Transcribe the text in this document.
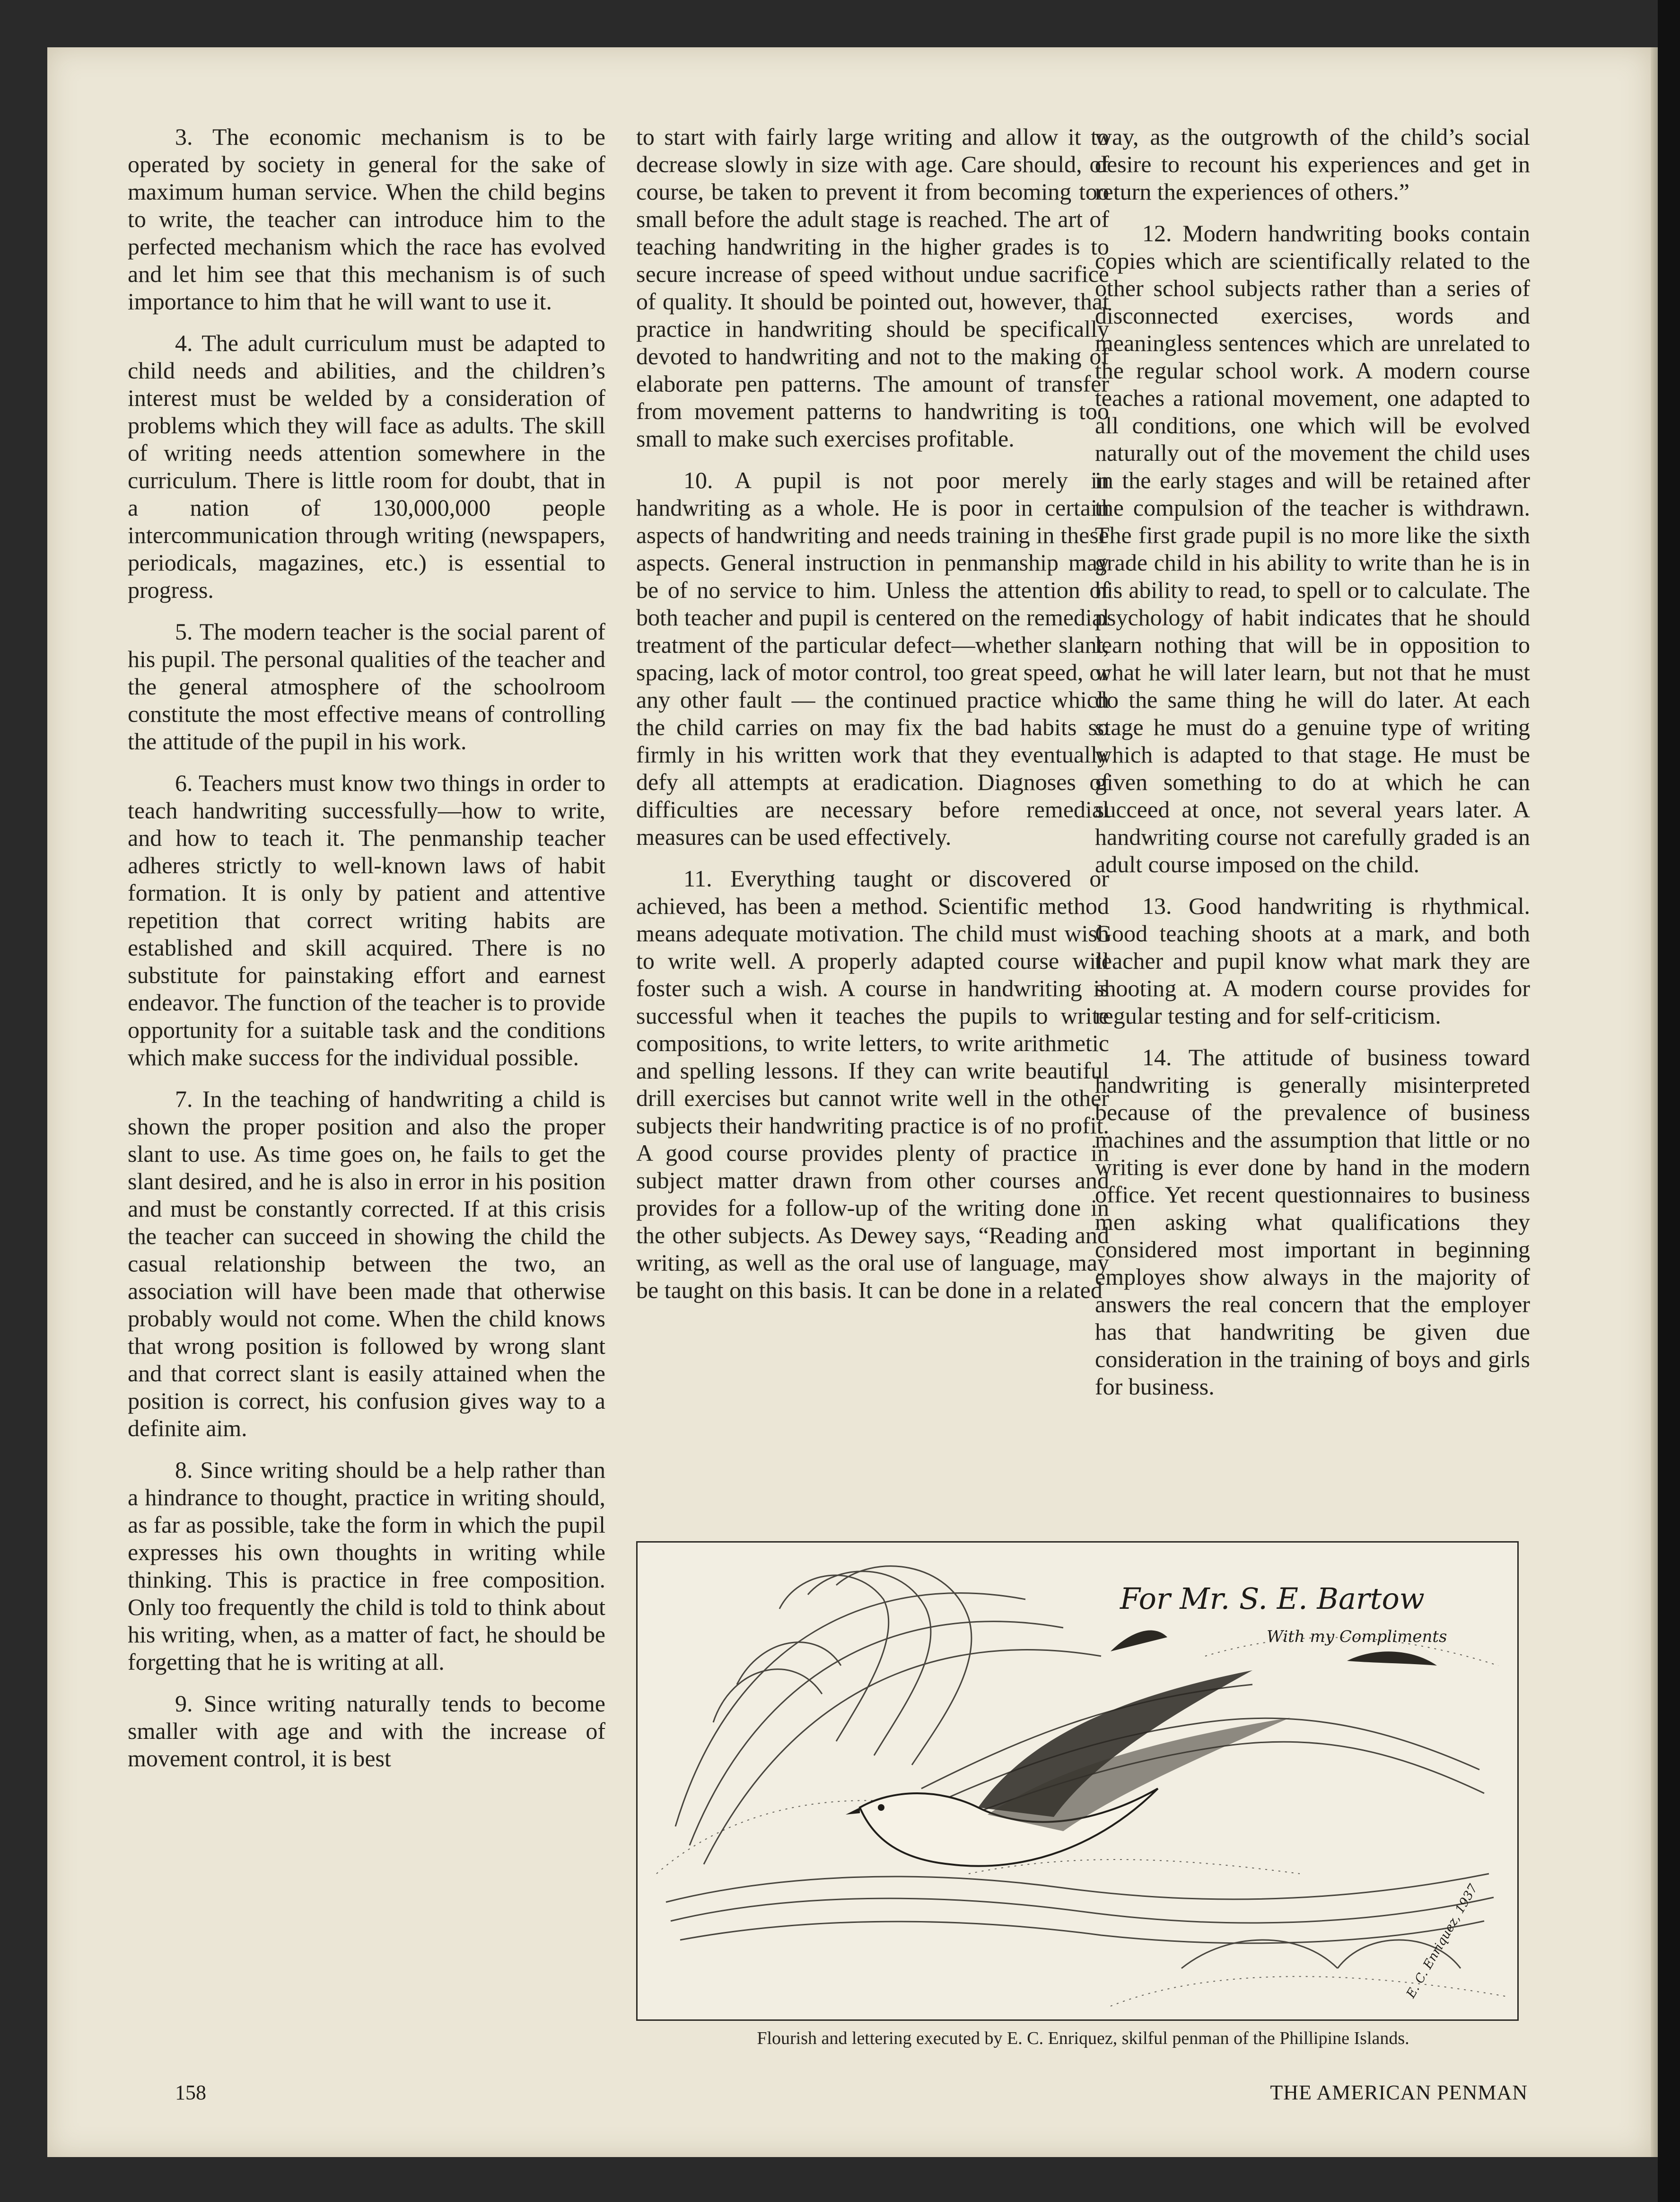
3. The economic mechanism is to be operated by society in general for the sake of maximum human service. When the child begins to write, the teacher can introduce him to the perfected mechanism which the race has evolved and let him see that this mechanism is of such importance to him that he will want to use it.

4. The adult curriculum must be adapted to child needs and abilities, and the children’s interest must be welded by a consideration of problems which they will face as adults. The skill of writing needs attention somewhere in the curriculum. There is little room for doubt, that in a nation of 130,000,000 people intercommunication through writing (newspapers, periodicals, magazines, etc.) is essential to progress.

5. The modern teacher is the social parent of his pupil. The personal qualities of the teacher and the general atmosphere of the schoolroom constitute the most effective means of controlling the attitude of the pupil in his work.

6. Teachers must know two things in order to teach handwriting successfully—how to write, and how to teach it. The penmanship teacher adheres strictly to well-known laws of habit formation. It is only by patient and attentive repetition that correct writing habits are established and skill acquired. There is no substitute for painstaking effort and earnest endeavor. The function of the teacher is to provide opportunity for a suitable task and the conditions which make success for the individual possible.

7. In the teaching of handwriting a child is shown the proper position and also the proper slant to use. As time goes on, he fails to get the slant desired, and he is also in error in his position and must be constantly corrected. If at this crisis the teacher can succeed in showing the child the casual relationship between the two, an association will have been made that otherwise probably would not come. When the child knows that wrong position is followed by wrong slant and that correct slant is easily attained when the position is correct, his confusion gives way to a definite aim.

8. Since writing should be a help rather than a hindrance to thought, practice in writing should, as far as possible, take the form in which the pupil expresses his own thoughts in writing while thinking. This is practice in free composition. Only too frequently the child is told to think about his writing, when, as a matter of fact, he should be forgetting that he is writing at all.

9. Since writing naturally tends to become smaller with age and with the increase of movement control, it is best

to start with fairly large writing and allow it to decrease slowly in size with age. Care should, of course, be taken to prevent it from becoming too small before the adult stage is reached. The art of teaching handwriting in the higher grades is to secure increase of speed without undue sacrifice of quality. It should be pointed out, however, that practice in handwriting should be specifically devoted to handwriting and not to the making of elaborate pen patterns. The amount of transfer from movement patterns to handwriting is too small to make such exercises profitable.

10. A pupil is not poor merely in handwriting as a whole. He is poor in certain aspects of handwriting and needs training in these aspects. General instruction in penmanship may be of no service to him. Unless the attention of both teacher and pupil is centered on the remedial treatment of the particular defect—whether slant, spacing, lack of motor control, too great speed, or any other fault — the continued practice which the child carries on may fix the bad habits so firmly in his written work that they eventually defy all attempts at eradication. Diagnoses of difficulties are necessary before remedial measures can be used effectively.

11. Everything taught or discovered or achieved, has been a method. Scientific method means adequate motivation. The child must wish to write well. A properly adapted course will foster such a wish. A course in handwriting is successful when it teaches the pupils to write compositions, to write letters, to write arithmetic and spelling lessons. If they can write beautiful drill exercises but cannot write well in the other subjects their handwriting practice is of no profit. A good course provides plenty of practice in subject matter drawn from other courses and provides for a follow-up of the writing done in the other subjects. As Dewey says, “Reading and writing, as well as the oral use of language, may be taught on this basis. It can be done in a related

way, as the outgrowth of the child’s social desire to recount his experiences and get in return the experiences of others.”

12. Modern handwriting books contain copies which are scientifically related to the other school subjects rather than a series of disconnected exercises, words and meaningless sentences which are unrelated to the regular school work. A modern course teaches a rational movement, one adapted to all conditions, one which will be evolved naturally out of the movement the child uses in the early stages and will be retained after the compulsion of the teacher is withdrawn. The first grade pupil is no more like the sixth grade child in his ability to write than he is in his ability to read, to spell or to calculate. The psychology of habit indicates that he should learn nothing that will be in opposition to what he will later learn, but not that he must do the same thing he will do later. At each stage he must do a genuine type of writing which is adapted to that stage. He must be given something to do at which he can succeed at once, not several years later. A handwriting course not carefully graded is an adult course imposed on the child.

13. Good handwriting is rhythmical. Good teaching shoots at a mark, and both teacher and pupil know what mark they are shooting at. A modern course provides for regular testing and for self-criticism.

14. The attitude of business toward handwriting is generally misinterpreted because of the prevalence of business machines and the assumption that little or no writing is ever done by hand in the modern office. Yet recent questionnaires to business men asking what qualifications they considered most important in beginning employes show always in the majority of answers the real concern that the employer has that handwriting be given due consideration in the training of boys and girls for business.

For Mr. S. E. Bartow
With my Compliments
E. C. Enriquez, 1937
Flourish and lettering executed by E. C. Enriquez, skilful penman of the Phillipine Islands.
158	THE AMERICAN PENMAN
